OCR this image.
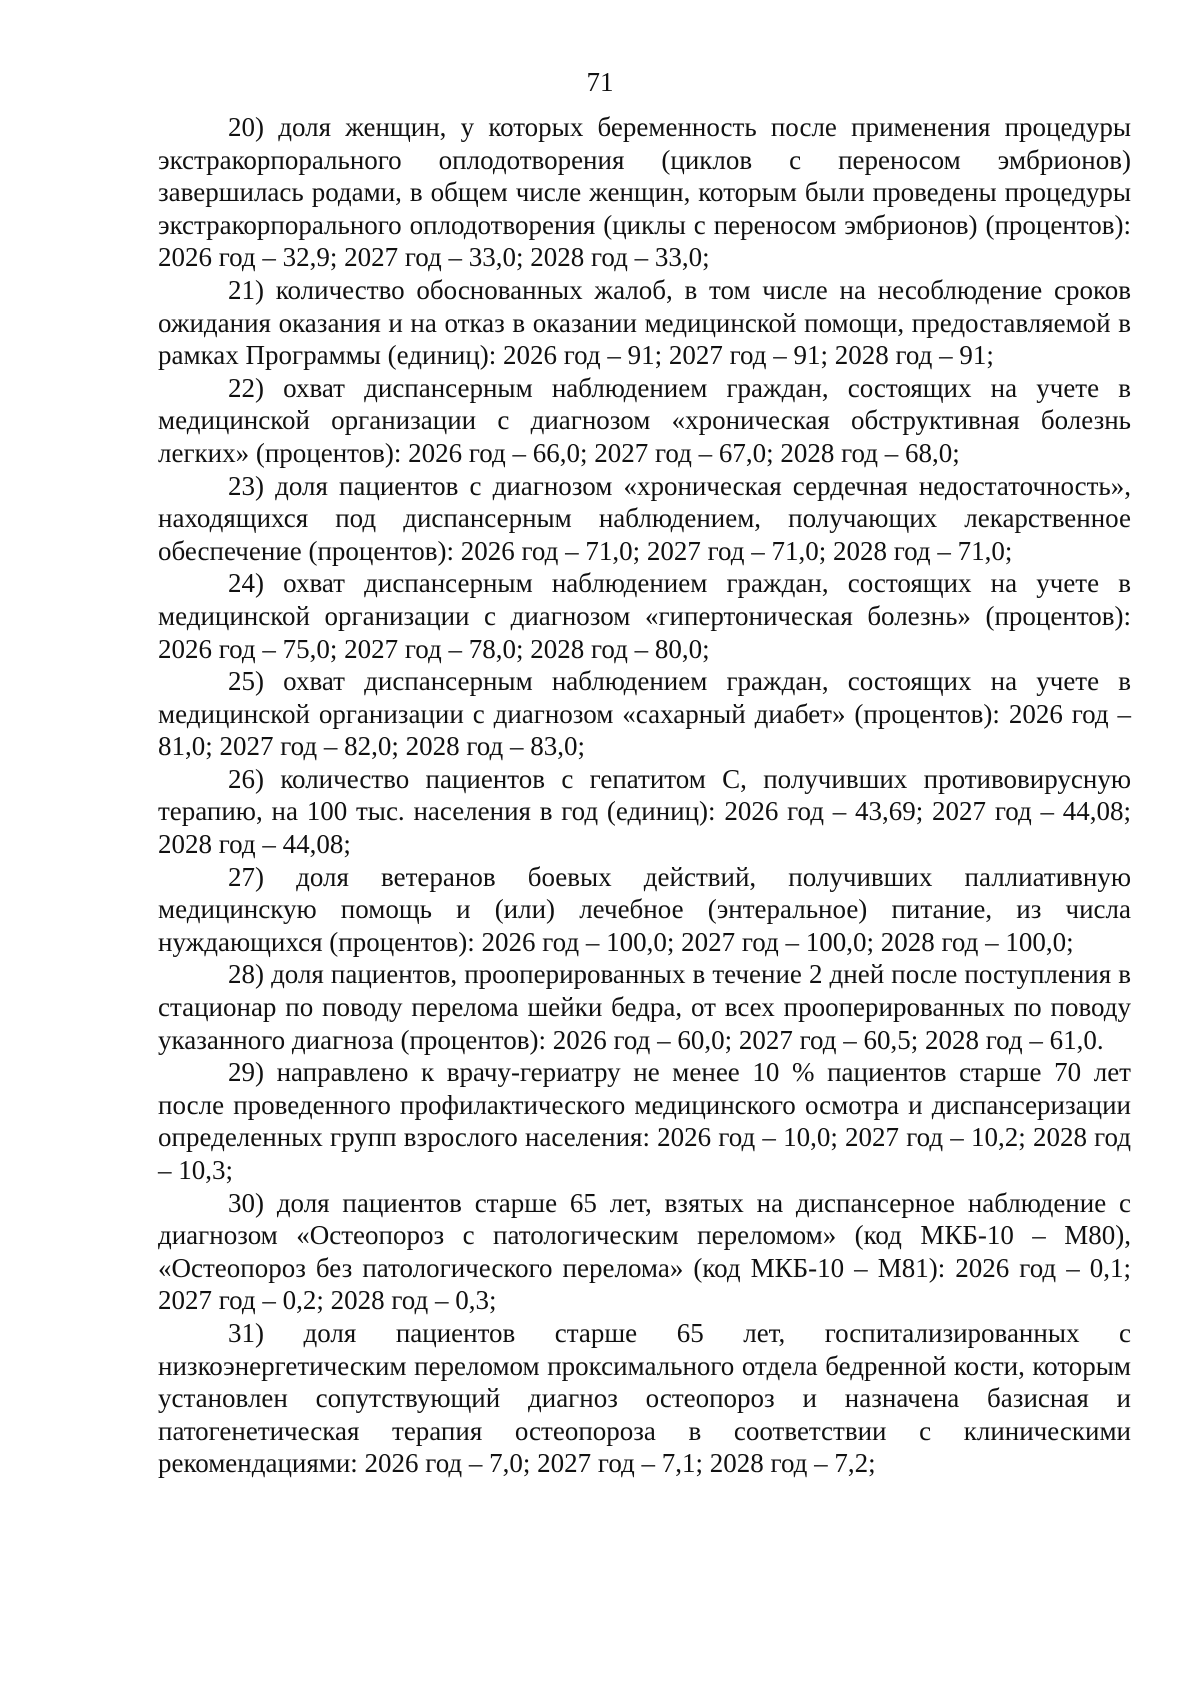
71

20) доля женщин, у которых беременность после применения процедуры экстракорпорального оплодотворения (циклов с переносом эмбрионов) завершилась родами, в общем числе женщин, которым были проведены процедуры экстракорпорального оплодотворения (циклы с переносом эмбрионов) (процентов): 2026 год – 32,9; 2027 год – 33,0; 2028 год – 33,0;

21) количество обоснованных жалоб, в том числе на несоблюдение сроков ожидания оказания и на отказ в оказании медицинской помощи, предоставляемой в рамках Программы (единиц): 2026 год – 91; 2027 год – 91; 2028 год – 91;

22) охват диспансерным наблюдением граждан, состоящих на учете в медицинской организации с диагнозом «хроническая обструктивная болезнь легких» (процентов): 2026 год – 66,0; 2027 год – 67,0; 2028 год – 68,0;

23) доля пациентов с диагнозом «хроническая сердечная недостаточность», находящихся под диспансерным наблюдением, получающих лекарственное обеспечение (процентов): 2026 год – 71,0; 2027 год – 71,0; 2028 год – 71,0;

24) охват диспансерным наблюдением граждан, состоящих на учете в медицинской организации с диагнозом «гипертоническая болезнь» (процентов): 2026 год – 75,0; 2027 год – 78,0; 2028 год – 80,0;

25) охват диспансерным наблюдением граждан, состоящих на учете в медицинской организации с диагнозом «сахарный диабет» (процентов): 2026 год – 81,0; 2027 год – 82,0; 2028 год – 83,0;

26) количество пациентов с гепатитом С, получивших противовирусную терапию, на 100 тыс. населения в год (единиц): 2026 год – 43,69; 2027 год – 44,08; 2028 год – 44,08;

27) доля ветеранов боевых действий, получивших паллиативную медицинскую помощь и (или) лечебное (энтеральное) питание, из числа нуждающихся (процентов): 2026 год – 100,0; 2027 год – 100,0; 2028 год – 100,0;

28) доля пациентов, прооперированных в течение 2 дней после поступления в стационар по поводу перелома шейки бедра, от всех прооперированных по поводу указанного диагноза (процентов): 2026 год – 60,0; 2027 год – 60,5; 2028 год – 61,0.

29) направлено к врачу-гериатру не менее 10 % пациентов старше 70 лет после проведенного профилактического медицинского осмотра и диспансеризации определенных групп взрослого населения: 2026 год – 10,0; 2027 год – 10,2; 2028 год – 10,3;

30) доля пациентов старше 65 лет, взятых на диспансерное наблюдение с диагнозом «Остеопороз с патологическим переломом» (код МКБ-10 – M80), «Остеопороз без патологического перелома» (код МКБ-10 – M81): 2026 год – 0,1; 2027 год – 0,2; 2028 год – 0,3;

31) доля пациентов старше 65 лет, госпитализированных с низкоэнергетическим переломом проксимального отдела бедренной кости, которым установлен сопутствующий диагноз остеопороз и назначена базисная и патогенетическая терапия остеопороза в соответствии с клиническими рекомендациями: 2026 год – 7,0; 2027 год – 7,1; 2028 год – 7,2;
